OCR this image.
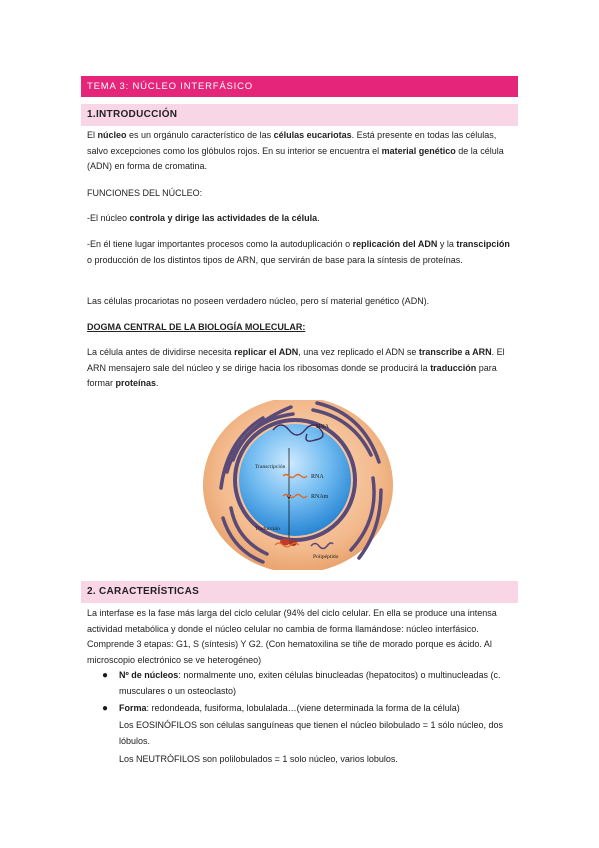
TEMA 3: NÚCLEO INTERFÁSICO
1.INTRODUCCIÓN

El núcleo es un orgánulo característico de las células eucariotas. Está presente en todas las células, salvo excepciones como los glóbulos rojos. En su interior se encuentra el material genético de la célula (ADN) en forma de cromatina.

FUNCIONES DEL NÚCLEO:

-El núcleo controla y dirige las actividades de la célula.

-En él tiene lugar importantes procesos como la autoduplicación o replicación del ADN y la transcipción o producción de los distintos tipos de ARN, que servirán de base para la síntesis de proteínas.

Las células procariotas no poseen verdadero núcleo, pero sí material genético (ADN).

DOGMA CENTRAL DE LA BIOLOGÍA MOLECULAR:

La célula antes de dividirse necesita replicar el ADN, una vez replicado el ADN se transcribe a ARN. El ARN mensajero sale del núcleo y se dirige hacia los ribosomas donde se producirá la traducción para formar proteínas.

DNA
Transcripción
RNA
RNAm
Traducción
Polipéptido
2. CARACTERÍSTICAS

La interfase es la fase más larga del ciclo celular (94% del ciclo celular. En ella se produce una intensa actividad metabólica y donde el núcleo celular no cambia de forma llamándose: núcleo interfásico. Comprende 3 etapas: G1, S (síntesis) Y G2. (Con hematoxilina se tiñe de morado porque es ácido. Al microscopio electrónico se ve heterogéneo)

● Nº de núcleos: normalmente uno, exiten células binucleadas (hepatocitos) o multinucleadas (c. musculares o un osteoclasto)
● Forma: redondeada, fusiforma, lobulalada…(viene determinada la forma de la célula)

Los EOSINÓFILOS son células sanguíneas que tienen el núcleo bilobulado = 1 sólo núcleo, dos lóbulos.

Los NEUTRÓFILOS son polilobulados = 1 solo núcleo, varios lobulos.
